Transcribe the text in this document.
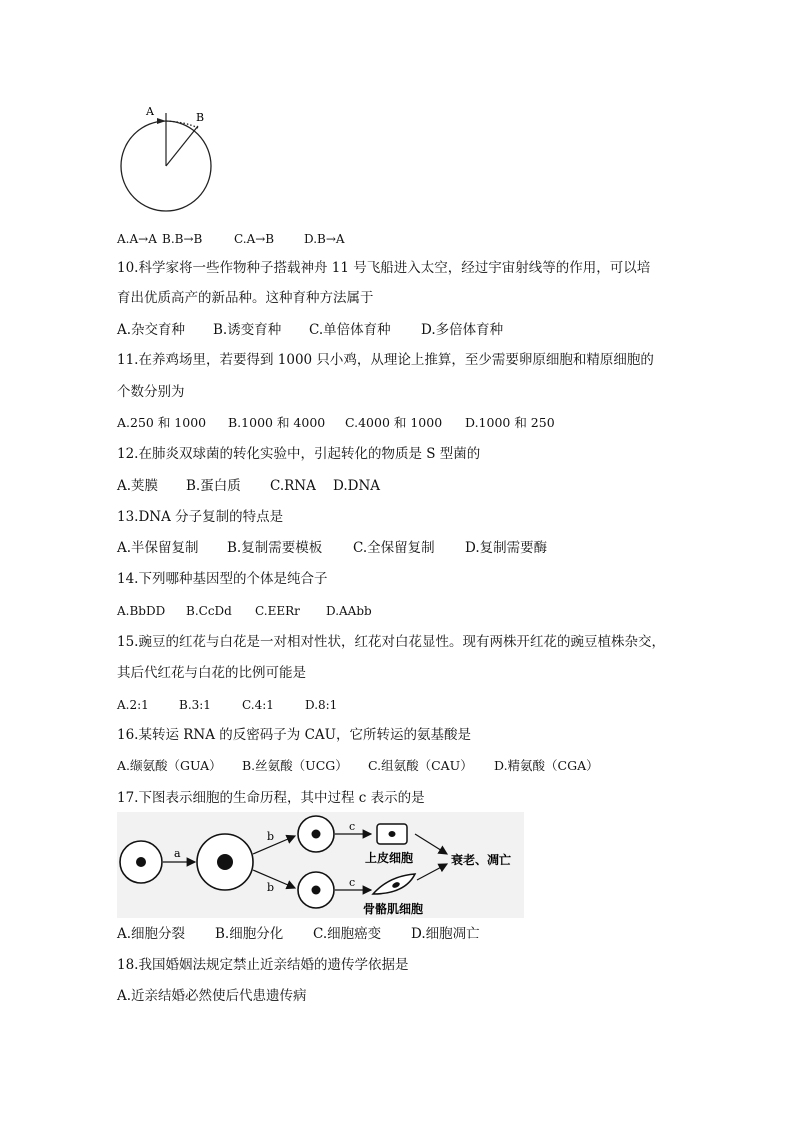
A	B
A.A→A B.B→B	C.A→B D.B→A
10.科学家将一些作物种子搭载神舟 11 号飞船进入太空，经过宇宙射线等的作用，可以培
育出优质高产的新品种。这种育种方法属于
A.杂交育种 B.诱变育种 C.单倍体育种 D.多倍体育种
11.在养鸡场里，若要得到 1000 只小鸡，从理论上推算，至少需要卵原细胞和精原细胞的
个数分别为
A.250 和 1000 B.1000 和 4000 C.4000 和 1000 D.1000 和 250
12.在肺炎双球菌的转化实验中，引起转化的物质是 S 型菌的
A.荚膜 B.蛋白质 C.RNA D.DNA
13.DNA 分子复制的特点是
A.半保留复制 B.复制需要模板 C.全保留复制 D.复制需要酶
14.下列哪种基因型的个体是纯合子
A.BbDD B.CcDd C.EERr D.AAbb
15.豌豆的红花与白花是一对相对性状，红花对白花显性。现有两株开红花的豌豆植株杂交，
其后代红花与白花的比例可能是
A.2:1	B.3:1	C.4:1	D.8:1
16.某转运 RNA 的反密码子为 CAU，它所转运的氨基酸是
A.缬氨酸（GUA） B.丝氨酸（UCG） C.组氨酸（CAU） D.精氨酸（CGA）
17.下图表示细胞的生命历程，其中过程 c 表示的是
a
b
b
c
c
上皮细胞
骨骼肌细胞
衰老、凋亡
A.细胞分裂 B.细胞分化 C.细胞癌变 D.细胞凋亡
18.我国婚姻法规定禁止近亲结婚的遗传学依据是
A.近亲结婚必然使后代患遗传病
